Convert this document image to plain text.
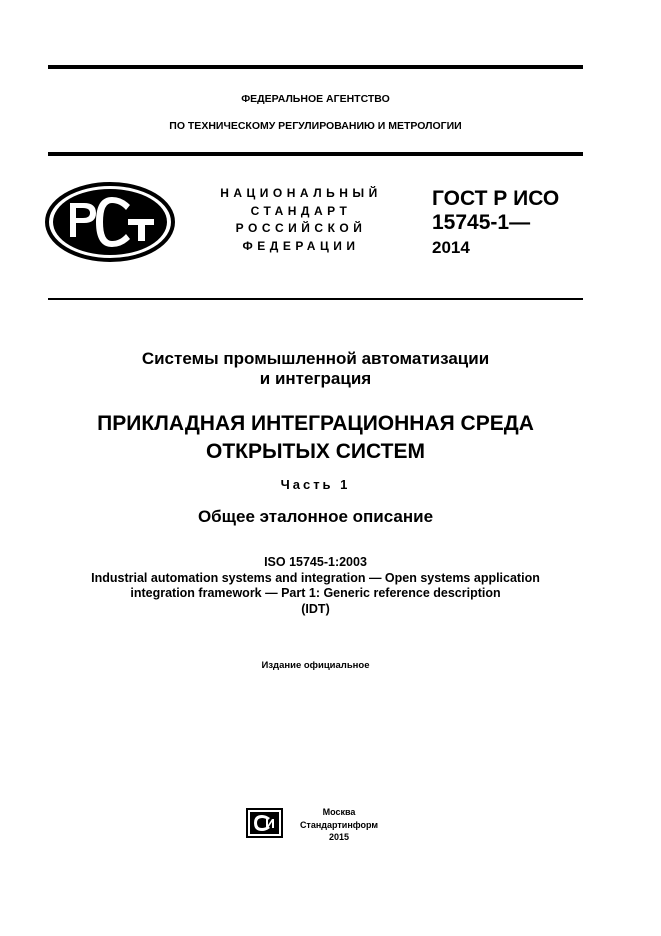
ФЕДЕРАЛЬНОЕ АГЕНТСТВО
ПО ТЕХНИЧЕСКОМУ РЕГУЛИРОВАНИЮ И МЕТРОЛОГИИ
НАЦИОНАЛЬНЫЙ
СТАНДАРТ
РОССИЙСКОЙ
ФЕДЕРАЦИИ
ГОСТ Р ИСО
15745-1—
2014
Системы промышленной автоматизации
и интеграция
ПРИКЛАДНАЯ ИНТЕГРАЦИОННАЯ СРЕДА
ОТКРЫТЫХ СИСТЕМ
Часть 1
Общее эталонное описание
ISO 15745-1:2003
Industrial automation systems and integration — Open systems application
integration framework — Part 1: Generic reference description
(IDT)
Издание официальное
Москва
Стандартинформ
2015
